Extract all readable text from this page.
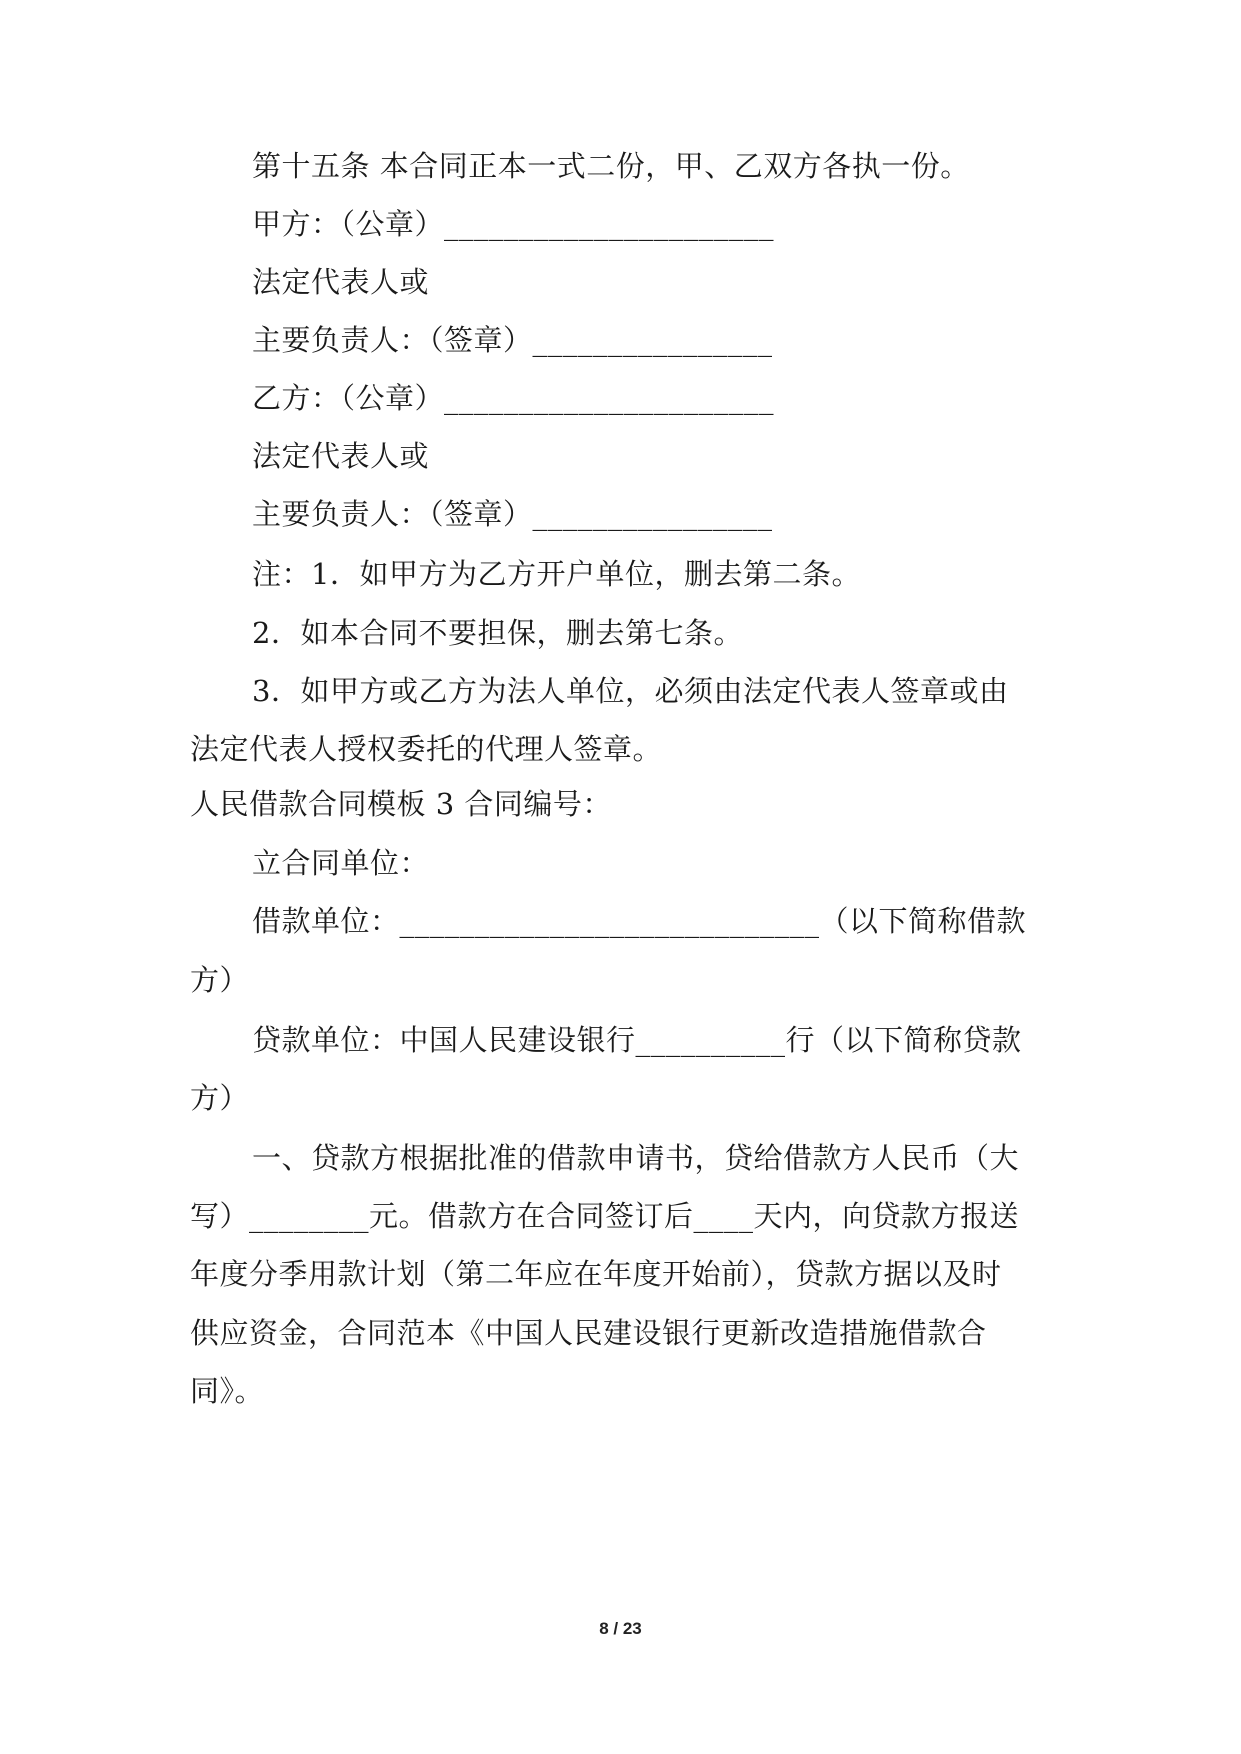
第十五条 本合同正本一式二份，甲、乙双方各执一份。
甲方：（公章）______________________
法定代表人或
主要负责人：（签章）________________
乙方：（公章）______________________
法定代表人或
主要负责人：（签章）________________
注：1．如甲方为乙方开户单位，删去第二条。
2．如本合同不要担保，删去第七条。
3．如甲方或乙方为法人单位，必须由法定代表人签章或由
法定代表人授权委托的代理人签章。
人民借款合同模板 3 合同编号：
立合同单位：
借款单位：____________________________（以下简称借款
方）
贷款单位：中国人民建设银行__________行（以下简称贷款
方）
一、贷款方根据批准的借款申请书，贷给借款方人民币（大
写）________元。借款方在合同签订后____天内，向贷款方报送
年度分季用款计划（第二年应在年度开始前），贷款方据以及时
供应资金，合同范本《中国人民建设银行更新改造措施借款合
同》。
8 / 23
